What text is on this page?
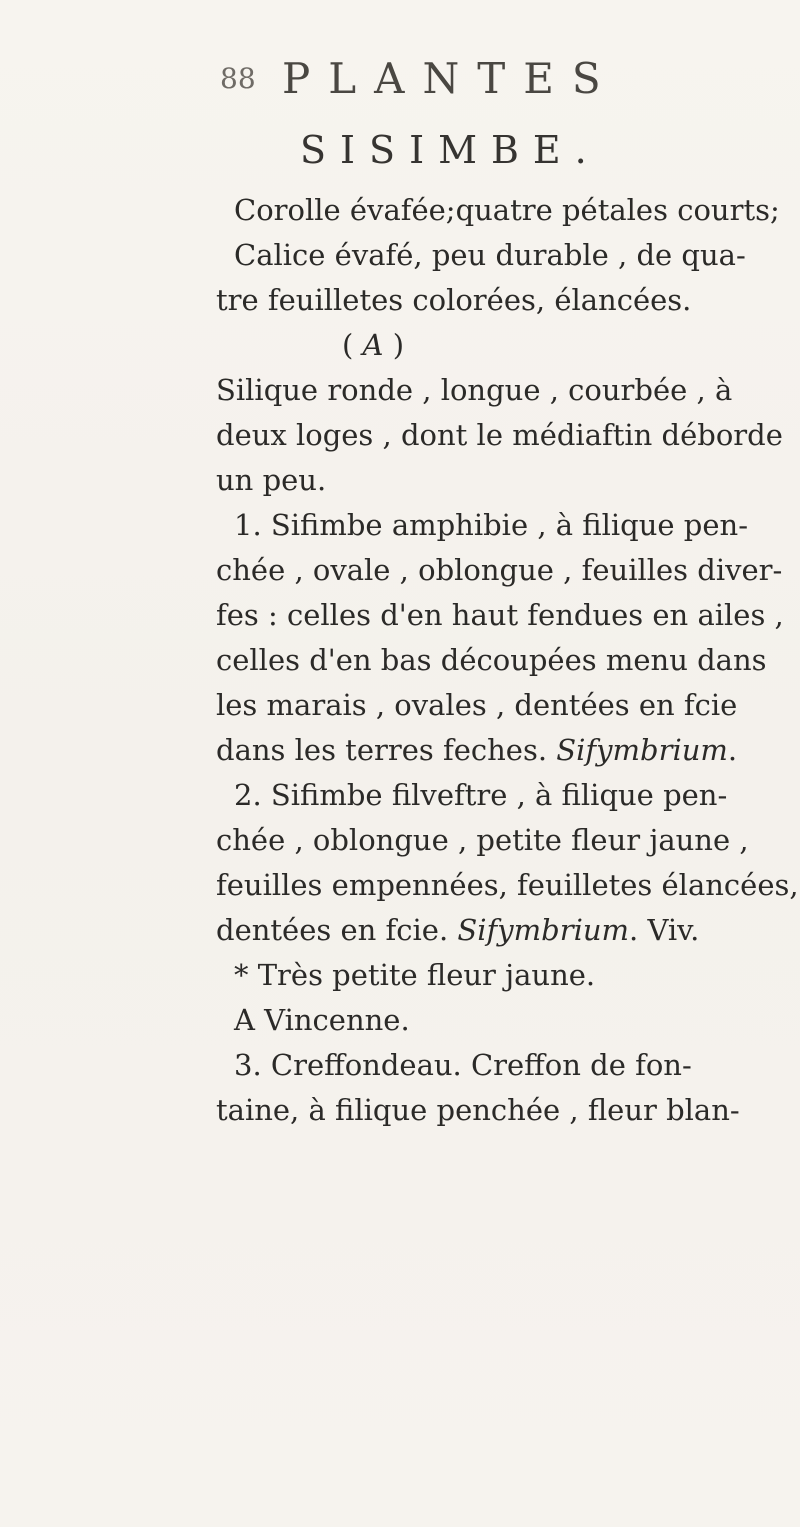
88 PLANTES
SISIMBE.
Corolle évafée;quatre pétales courts;
Calice évafé, peu durable , de qua-
tre feuilletes colorées, élancées.
( A )
Silique ronde , longue , courbée , à
deux loges , dont le médiaftin déborde
un peu.
1. Sifimbe amphibie , à filique pen-
chée , ovale , oblongue , feuilles diver-
fes : celles d'en haut fendues en ailes ,
celles d'en bas découpées menu dans
les marais , ovales , dentées en fcie
dans les terres feches. Sifymbrium.
2. Sifimbe filveftre , à filique pen-
chée , oblongue , petite fleur jaune ,
feuilles empennées, feuilletes élancées,
dentées en fcie. Sifymbrium. Viv.
* Très petite fleur jaune.
A Vincenne.
3. Creffondeau. Creffon de fon-
taine, à filique penchée , fleur blan-
